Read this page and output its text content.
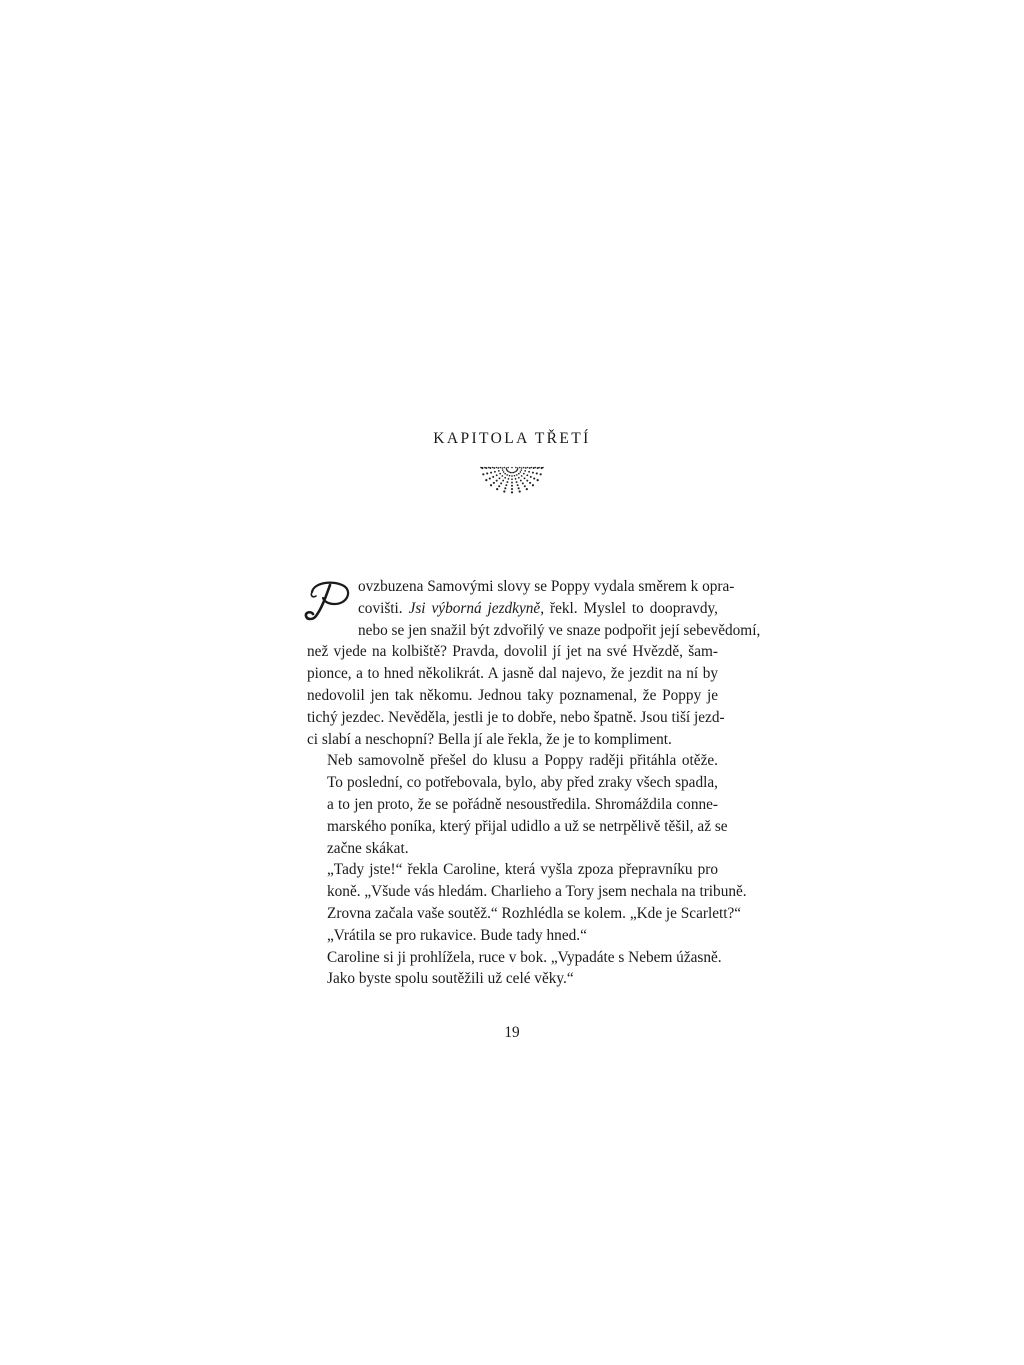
KAPITOLA TŘETÍ

ovzbuzena Samovými slovy se Poppy vydala směrem k opra-
covišti. Jsi výborná jezdkyně, řekl. Myslel to doopravdy,
nebo se jen snažil být zdvořilý ve snaze podpořit její sebevědomí,
než vjede na kolbiště? Pravda, dovolil jí jet na své Hvězdě, šam-
pionce, a to hned několikrát. A jasně dal najevo, že jezdit na ní by
nedovolil jen tak někomu. Jednou taky poznamenal, že Poppy je
tichý jezdec. Nevěděla, jestli je to dobře, nebo špatně. Jsou tiší jezd-
ci slabí a neschopní? Bella jí ale řekla, že je to kompliment.

Neb samovolně přešel do klusu a Poppy raději přitáhla otěže.
To poslední, co potřebovala, bylo, aby před zraky všech spadla,
a to jen proto, že se pořádně nesoustředila. Shromáždila conne-
marského poníka, který přijal udidlo a už se netrpělivě těšil, až se
začne skákat.

„Tady jste!“ řekla Caroline, která vyšla zpoza přepravníku pro
koně. „Všude vás hledám. Charlieho a Tory jsem nechala na tribuně.
Zrovna začala vaše soutěž.“ Rozhlédla se kolem. „Kde je Scarlett?“

„Vrátila se pro rukavice. Bude tady hned.“

Caroline si ji prohlížela, ruce v bok. „Vypadáte s Nebem úžasně.
Jako byste spolu soutěžili už celé věky.“

19
